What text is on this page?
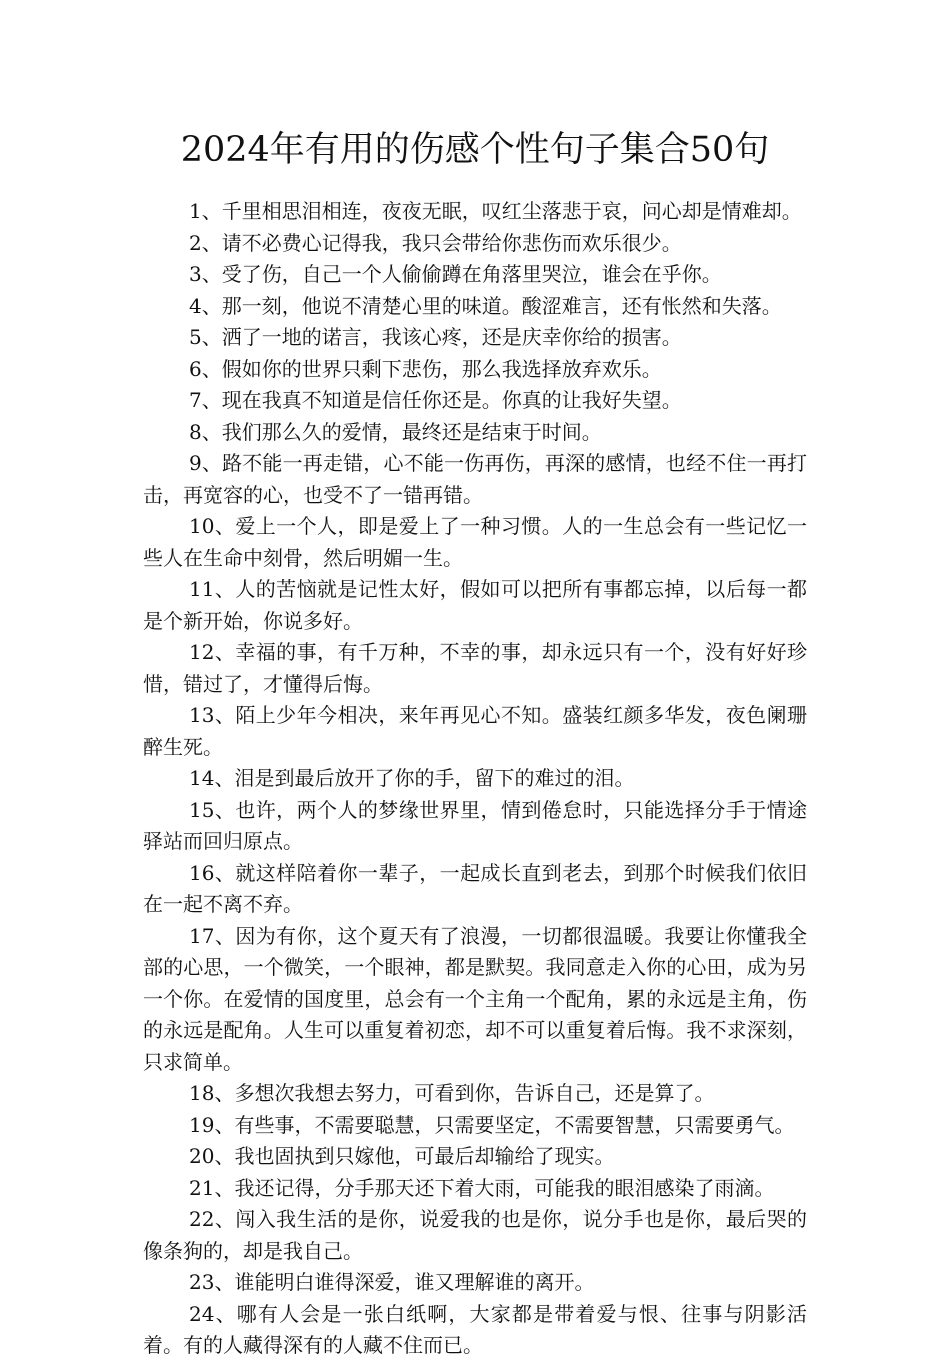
2024年有用的伤感个性句子集合50句

1、千里相思泪相连，夜夜无眠，叹红尘落悲于哀，问心却是情难却。

2、请不必费心记得我，我只会带给你悲伤而欢乐很少。

3、受了伤，自己一个人偷偷蹲在角落里哭泣，谁会在乎你。

4、那一刻，他说不清楚心里的味道。酸涩难言，还有怅然和失落。

5、洒了一地的诺言，我该心疼，还是庆幸你给的损害。

6、假如你的世界只剩下悲伤，那么我选择放弃欢乐。

7、现在我真不知道是信任你还是。你真的让我好失望。

8、我们那么久的爱情，最终还是结束于时间。

9、路不能一再走错，心不能一伤再伤，再深的感情，也经不住一再打击，再宽容的心，也受不了一错再错。

10、爱上一个人，即是爱上了一种习惯。人的一生总会有一些记忆一些人在生命中刻骨，然后明媚一生。

11、人的苦恼就是记性太好，假如可以把所有事都忘掉，以后每一都是个新开始，你说多好。

12、幸福的事，有千万种，不幸的事，却永远只有一个，没有好好珍惜，错过了，才懂得后悔。

13、陌上少年今相决，来年再见心不知。盛装红颜多华发，夜色阑珊醉生死。

14、泪是到最后放开了你的手，留下的难过的泪。

15、也许，两个人的梦缘世界里，情到倦怠时，只能选择分手于情途驿站而回归原点。

16、就这样陪着你一辈子，一起成长直到老去，到那个时候我们依旧在一起不离不弃。

17、因为有你，这个夏天有了浪漫，一切都很温暖。我要让你懂我全部的心思，一个微笑，一个眼神，都是默契。我同意走入你的心田，成为另一个你。在爱情的国度里，总会有一个主角一个配角，累的永远是主角，伤的永远是配角。人生可以重复着初恋，却不可以重复着后悔。我不求深刻，只求简单。

18、多想次我想去努力，可看到你，告诉自己，还是算了。

19、有些事，不需要聪慧，只需要坚定，不需要智慧，只需要勇气。

20、我也固执到只嫁他，可最后却输给了现实。

21、我还记得，分手那天还下着大雨，可能我的眼泪感染了雨滴。

22、闯入我生活的是你，说爱我的也是你，说分手也是你，最后哭的像条狗的，却是我自己。

23、谁能明白谁得深爱，谁又理解谁的离开。

24、哪有人会是一张白纸啊，大家都是带着爱与恨、往事与阴影活着。有的人藏得深有的人藏不住而已。
